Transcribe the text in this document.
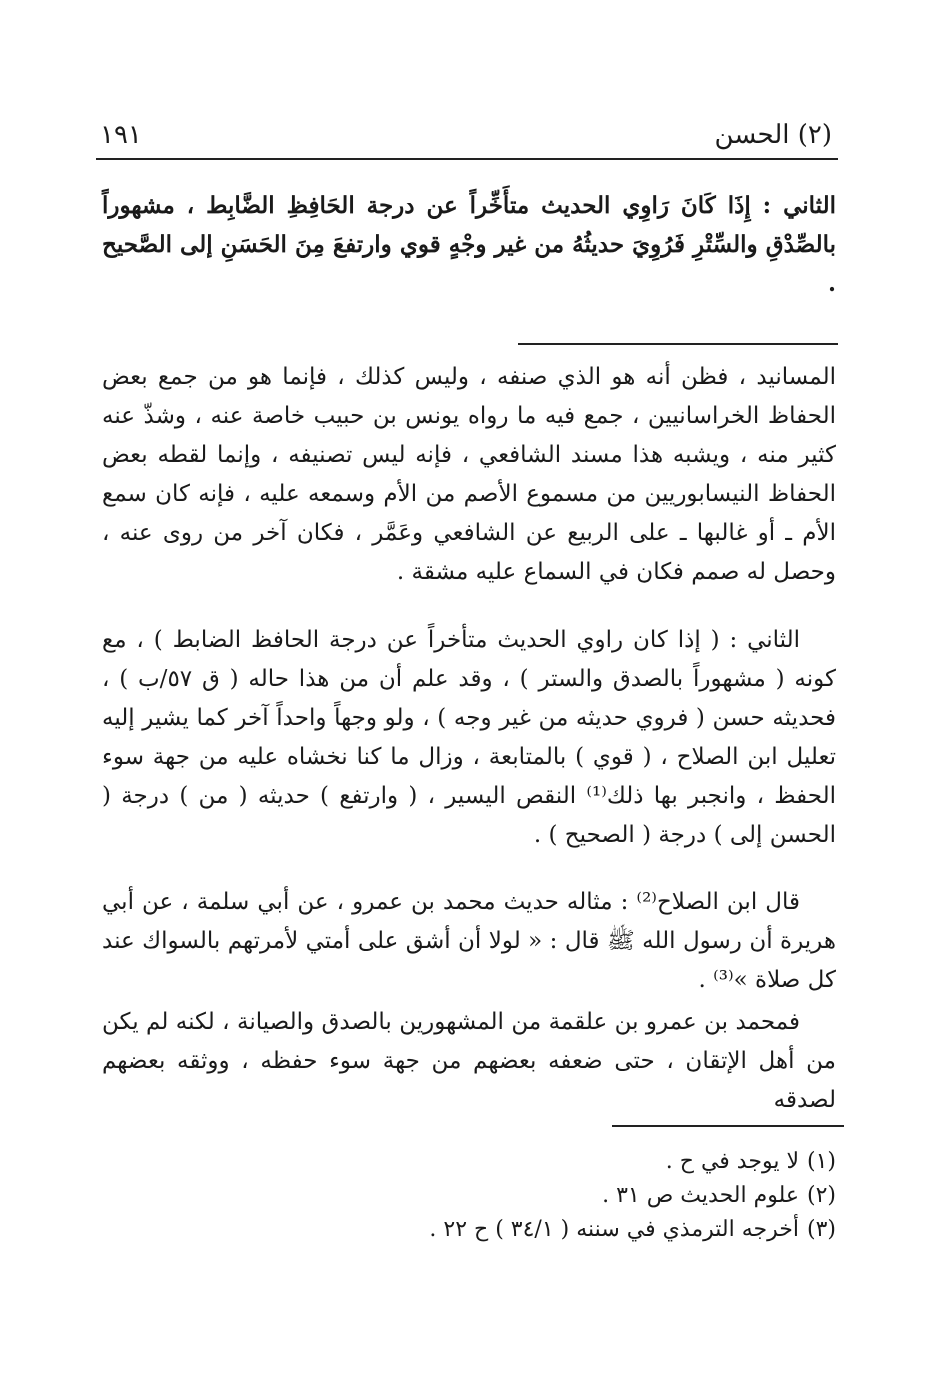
١٩١	(٢) الحسن

الثاني : إِذَا كَانَ رَاوِي الحديث متأَخِّراً عن درجة الحَافِظِ الضَّابِط ، مشهوراً بالصِّدْقِ والسِّتْرِ فَرُوِيَ حديثُهُ من غير وجْهٍ قوي وارتفعَ مِنَ الحَسَنِ إلى الصَّحيح .

المسانيد ، فظن أنه هو الذي صنفه ، وليس كذلك ، فإنما هو من جمع بعض الحفاظ الخراسانيين ، جمع فيه ما رواه يونس بن حبيب خاصة عنه ، وشذّ عنه كثير منه ، ويشبه هذا مسند الشافعي ، فإنه ليس تصنيفه ، وإنما لقطه بعض الحفاظ النيسابوريين من مسموع الأصم من الأم وسمعه عليه ، فإنه كان سمع الأم ـ أو غالبها ـ على الربيع عن الشافعي وعَمَّر ، فكان آخر من روى عنه ، وحصل له صمم فكان في السماع عليه مشقة .

الثاني : ( إذا كان راوي الحديث متأخراً عن درجة الحافظ الضابط ) ، مع كونه ( مشهوراً بالصدق والستر ) ، وقد علم أن من هذا حاله ( ق ٥٧/ب ) ، فحديثه حسن ( فروي حديثه من غير وجه ) ، ولو وجهاً واحداً آخر كما يشير إليه تعليل ابن الصلاح ، ( قوي ) بالمتابعة ، وزال ما كنا نخشاه عليه من جهة سوء الحفظ ، وانجبر بها ذلك⁽¹⁾ النقص اليسير ، ( وارتفع ) حديثه ( من ) درجة ( الحسن إلى ) درجة ( الصحيح ) .

قال ابن الصلاح⁽²⁾ : مثاله حديث محمد بن عمرو ، عن أبي سلمة ، عن أبي هريرة أن رسول الله ﷺ قال : « لولا أن أشق على أمتي لأمرتهم بالسواك عند كل صلاة »⁽³⁾ .

فمحمد بن عمرو بن علقمة من المشهورين بالصدق والصيانة ، لكنه لم يكن من أهل الإتقان ، حتى ضعفه بعضهم من جهة سوء حفظه ، ووثقه بعضهم لصدقه

(١)لا يوجد في ح .

(٢)علوم الحديث ص ٣١ .

(٣)أخرجه الترمذي في سننه ( ٣٤/١ ) ح ٢٢ .
